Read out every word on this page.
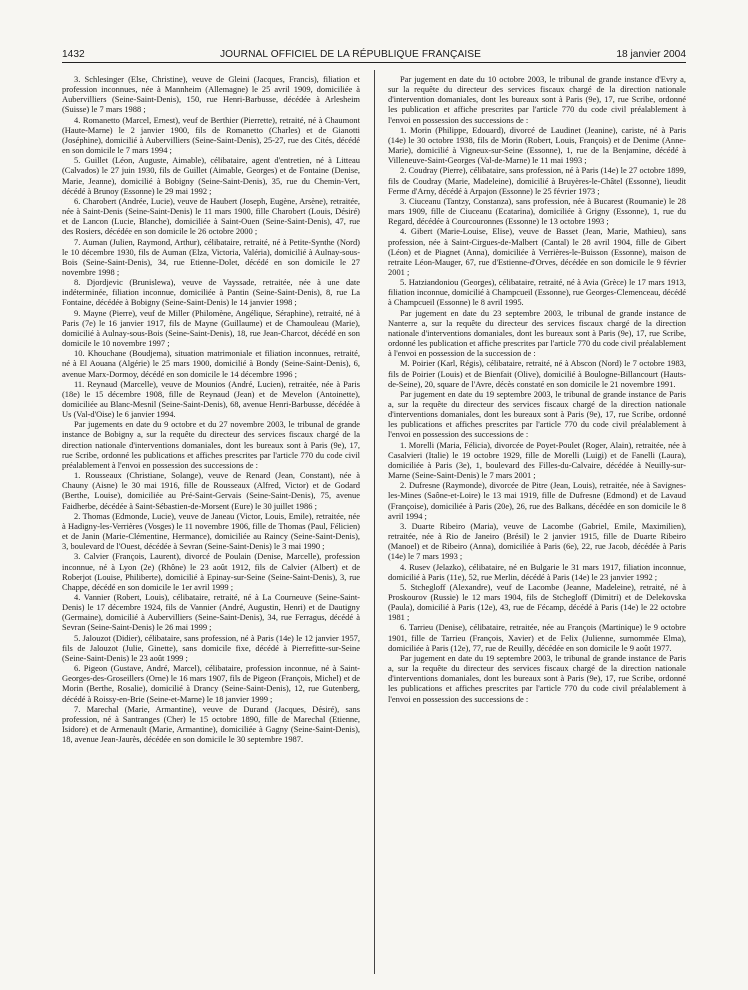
1432	JOURNAL OFFICIEL DE LA RÉPUBLIQUE FRANÇAISE	18 janvier 2004

3. Schlesinger (Else, Christine), veuve de Gleini (Jacques, Francis), filiation et profession inconnues, née à Mannheim (Allemagne) le 25 avril 1909, domiciliée à Aubervilliers (Seine-Saint-Denis), 150, rue Henri-Barbusse, décédée à Arlesheim (Suisse) le 7 mars 1988 ;

4. Romanetto (Marcel, Ernest), veuf de Berthier (Pierrette), retraité, né à Chaumont (Haute-Marne) le 2 janvier 1900, fils de Romanetto (Charles) et de Gianotti (Joséphine), domicilié à Aubervilliers (Seine-Saint-Denis), 25-27, rue des Cités, décédé en son domicile le 7 mars 1994 ;

5. Guillet (Léon, Auguste, Aimable), célibataire, agent d'entretien, né à Litteau (Calvados) le 27 juin 1930, fils de Guillet (Aimable, Georges) et de Fontaine (Denise, Marie, Jeanne), domicilié à Bobigny (Seine-Saint-Denis), 35, rue du Chemin-Vert, décédé à Brunoy (Essonne) le 29 mai 1992 ;

6. Charobert (Andrée, Lucie), veuve de Haubert (Joseph, Eugène, Arsène), retraitée, née à Saint-Denis (Seine-Saint-Denis) le 11 mars 1900, fille Charobert (Louis, Désiré) et de Lancon (Lucie, Blanche), domiciliée à Saint-Ouen (Seine-Saint-Denis), 47, rue des Rosiers, décédée en son domicile le 26 octobre 2000 ;

7. Auman (Julien, Raymond, Arthur), célibataire, retraité, né à Petite-Synthe (Nord) le 10 décembre 1930, fils de Auman (Elza, Victoria, Valéria), domicilié à Aulnay-sous-Bois (Seine-Saint-Denis), 34, rue Etienne-Dolet, décédé en son domicile le 27 novembre 1998 ;

8. Djordjevic (Brunislewa), veuve de Vayssade, retraitée, née à une date indéterminée, filiation inconnue, domiciliée à Pantin (Seine-Saint-Denis), 8, rue La Fontaine, décédée à Bobigny (Seine-Saint-Denis) le 14 janvier 1998 ;

9. Mayne (Pierre), veuf de Miller (Philomène, Angélique, Séraphine), retraité, né à Paris (7e) le 16 janvier 1917, fils de Mayne (Guillaume) et de Chamouleau (Marie), domicilié à Aulnay-sous-Bois (Seine-Saint-Denis), 18, rue Jean-Charcot, décédé en son domicile le 10 novembre 1997 ;

10. Khouchane (Boudjema), situation matrimoniale et filiation inconnues, retraité, né à El Aouana (Algérie) le 25 mars 1900, domicilié à Bondy (Seine-Saint-Denis), 6, avenue Marx-Dormoy, décédé en son domicile le 14 décembre 1996 ;

11. Reynaud (Marcelle), veuve de Mounios (André, Lucien), retraitée, née à Paris (18e) le 15 décembre 1908, fille de Reynaud (Jean) et de Mevelon (Antoinette), domiciliée au Blanc-Mesnil (Seine-Saint-Denis), 68, avenue Henri-Barbusse, décédée à Us (Val-d'Oise) le 6 janvier 1994.

Par jugements en date du 9 octobre et du 27 novembre 2003, le tribunal de grande instance de Bobigny a, sur la requête du directeur des services fiscaux chargé de la direction nationale d'interventions domaniales, dont les bureaux sont à Paris (9e), 17, rue Scribe, ordonné les publications et affiches prescrites par l'article 770 du code civil préalablement à l'envoi en possession des successions de :

1. Rousseaux (Christiane, Solange), veuve de Renard (Jean, Constant), née à Chauny (Aisne) le 30 mai 1916, fille de Rousseaux (Alfred, Victor) et de Godard (Berthe, Louise), domiciliée au Pré-Saint-Gervais (Seine-Saint-Denis), 75, avenue Faidherbe, décédée à Saint-Sébastien-de-Morsent (Eure) le 30 juillet 1986 ;

2. Thomas (Edmonde, Lucie), veuve de Janeau (Victor, Louis, Emile), retraitée, née à Hadigny-les-Verrières (Vosges) le 11 novembre 1906, fille de Thomas (Paul, Félicien) et de Janin (Marie-Clémentine, Hermance), domiciliée au Raincy (Seine-Saint-Denis), 3, boulevard de l'Ouest, décédée à Sevran (Seine-Saint-Denis) le 3 mai 1990 ;

3. Calvier (François, Laurent), divorcé de Poulain (Denise, Marcelle), profession inconnue, né à Lyon (2e) (Rhône) le 23 août 1912, fils de Calvier (Albert) et de Roberjot (Louise, Philiberte), domicilié à Epinay-sur-Seine (Seine-Saint-Denis), 3, rue Chappe, décédé en son domicile le 1er avril 1999 ;

4. Vannier (Robert, Louis), célibataire, retraité, né à La Courneuve (Seine-Saint-Denis) le 17 décembre 1924, fils de Vannier (André, Augustin, Henri) et de Dautigny (Germaine), domicilié à Aubervilliers (Seine-Saint-Denis), 34, rue Ferragus, décédé à Sevran (Seine-Saint-Denis) le 26 mai 1999 ;

5. Jalouzot (Didier), célibataire, sans profession, né à Paris (14e) le 12 janvier 1957, fils de Jalouzot (Julie, Ginette), sans domicile fixe, décédé à Pierrefitte-sur-Seine (Seine-Saint-Denis) le 23 août 1999 ;

6. Pigeon (Gustave, André, Marcel), célibataire, profession inconnue, né à Saint-Georges-des-Groseillers (Orne) le 16 mars 1907, fils de Pigeon (François, Michel) et de Morin (Berthe, Rosalie), domicilié à Drancy (Seine-Saint-Denis), 12, rue Gutenberg, décédé à Roissy-en-Brie (Seine-et-Marne) le 18 janvier 1999 ;

7. Marechal (Marie, Armantine), veuve de Durand (Jacques, Désiré), sans profession, né à Santranges (Cher) le 15 octobre 1890, fille de Marechal (Etienne, Isidore) et de Armenault (Marie, Armantine), domiciliée à Gagny (Seine-Saint-Denis), 18, avenue Jean-Jaurès, décédée en son domicile le 30 septembre 1987.

Par jugement en date du 10 octobre 2003, le tribunal de grande instance d'Evry a, sur la requête du directeur des services fiscaux chargé de la direction nationale d'intervention domaniales, dont les bureaux sont à Paris (9e), 17, rue Scribe, ordonné les publication et affiche prescrites par l'article 770 du code civil préalablement à l'envoi en possession des successions de :

1. Morin (Philippe, Edouard), divorcé de Laudinet (Jeanine), cariste, né à Paris (14e) le 30 octobre 1938, fils de Morin (Robert, Louis, François) et de Denime (Anne-Marie), domicilié à Vigneux-sur-Seine (Essonne), 1, rue de la Benjamine, décédé à Villeneuve-Saint-Georges (Val-de-Marne) le 11 mai 1993 ;

2. Coudray (Pierre), célibataire, sans profession, né à Paris (14e) le 27 octobre 1899, fils de Coudray (Marie, Madeleine), domicilié à Bruyères-le-Châtel (Essonne), lieudit Ferme d'Arny, décédé à Arpajon (Essonne) le 25 février 1973 ;

3. Ciuceanu (Tantzy, Constanza), sans profession, née à Bucarest (Roumanie) le 28 mars 1909, fille de Ciuceanu (Ecatarina), domiciliée à Grigny (Essonne), 1, rue du Regard, décédée à Courcouronnes (Essonne) le 13 octobre 1993 ;

4. Gibert (Marie-Louise, Elise), veuve de Basset (Jean, Marie, Mathieu), sans profession, née à Saint-Cirgues-de-Malbert (Cantal) le 28 avril 1904, fille de Gibert (Léon) et de Piagnet (Anna), domiciliée à Verrières-le-Buisson (Essonne), maison de retraite Léon-Mauger, 67, rue d'Estienne-d'Orves, décédée en son domicile le 9 février 2001 ;

5. Hatziandoniou (Georges), célibataire, retraité, né à Avia (Grèce) le 17 mars 1913, filiation inconnue, domicilié à Champcueil (Essonne), rue Georges-Clemenceau, décédé à Champcueil (Essonne) le 8 avril 1995.

Par jugement en date du 23 septembre 2003, le tribunal de grande instance de Nanterre a, sur la requête du directeur des services fiscaux chargé de la direction nationale d'interventions domaniales, dont les bureaux sont à Paris (9e), 17, rue Scribe, ordonné les publication et affiche prescrites par l'article 770 du code civil préalablement à l'envoi en possession de la succession de :

M. Poirier (Karl, Régis), célibataire, retraité, né à Abscon (Nord) le 7 octobre 1983, fils de Poirier (Louis) et de Bienfait (Olive), domicilié à Boulogne-Billancourt (Hauts-de-Seine), 20, square de l'Avre, décès constaté en son domicile le 21 novembre 1991.

Par jugement en date du 19 septembre 2003, le tribunal de grande instance de Paris a, sur la requête du directeur des services fiscaux chargé de la direction nationale d'interventions domaniales, dont les bureaux sont à Paris (9e), 17, rue Scribe, ordonné les publications et affiches prescrites par l'article 770 du code civil préalablement à l'envoi en possession des successions de :

1. Morelli (Maria, Félicia), divorcée de Poyet-Poulet (Roger, Alain), retraitée, née à Casalvieri (Italie) le 19 octobre 1929, fille de Morelli (Luigi) et de Fanelli (Laura), domiciliée à Paris (3e), 1, boulevard des Filles-du-Calvaire, décédée à Neuilly-sur-Marne (Seine-Saint-Denis) le 7 mars 2001 ;

2. Dufresne (Raymonde), divorcée de Pitre (Jean, Louis), retraitée, née à Savignes-les-Mines (Saône-et-Loire) le 13 mai 1919, fille de Dufresne (Edmond) et de Lavaud (Françoise), domiciliée à Paris (20e), 26, rue des Balkans, décédée en son domicile le 8 avril 1994 ;

3. Duarte Ribeiro (Maria), veuve de Lacombe (Gabriel, Emile, Maximilien), retraitée, née à Rio de Janeiro (Brésil) le 2 janvier 1915, fille de Duarte Ribeiro (Manoel) et de Ribeiro (Anna), domiciliée à Paris (6e), 22, rue Jacob, décédée à Paris (14e) le 7 mars 1993 ;

4. Rusev (Jelazko), célibataire, né en Bulgarie le 31 mars 1917, filiation inconnue, domicilié à Paris (11e), 52, rue Merlin, décédé à Paris (14e) le 23 janvier 1992 ;

5. Stchegloff (Alexandre), veuf de Lacombe (Jeanne, Madeleine), retraité, né à Proskourov (Russie) le 12 mars 1904, fils de Stchegloff (Dimitri) et de Delekovska (Paula), domicilié à Paris (12e), 43, rue de Fécamp, décédé à Paris (14e) le 22 octobre 1981 ;

6. Tarrieu (Denise), célibataire, retraitée, née au François (Martinique) le 9 octobre 1901, fille de Tarrieu (François, Xavier) et de Felix (Julienne, surnommée Elma), domiciliée à Paris (12e), 77, rue de Reuilly, décédée en son domicile le 9 août 1977.

Par jugement en date du 19 septembre 2003, le tribunal de grande instance de Paris a, sur la requête du directeur des services fiscaux chargé de la direction nationale d'interventions domaniales, dont les bureaux sont à Paris (9e), 17, rue Scribe, ordonné les publications et affiches prescrites par l'article 770 du code civil préalablement à l'envoi en possession des successions de :
